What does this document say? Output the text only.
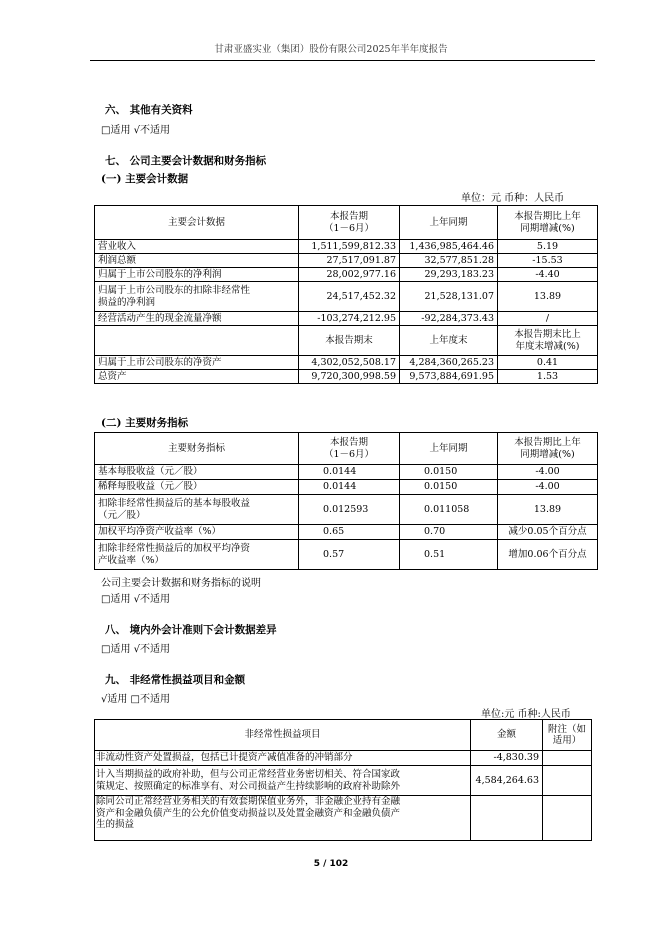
甘肃亚盛实业（集团）股份有限公司2025年半年度报告
六、 其他有关资料
□适用 √不适用
七、 公司主要会计数据和财务指标
(一) 主要会计数据
单位：元 币种：人民币
主要会计数据	本报告期
（1－6月）	上年同期	本报告期比上年
同期增减(%)
营业收入	1,511,599,812.33	1,436,985,464.46	5.19
利润总额	27,517,091.87	32,577,851.28	-15.53
归属于上市公司股东的净利润	28,002,977.16	29,293,183.23	-4.40
归属于上市公司股东的扣除非经常性
损益的净利润	24,517,452.32	21,528,131.07	13.89
经营活动产生的现金流量净额	-103,274,212.95	-92,284,373.43	/
	本报告期末	上年度末	本报告期末比上
年度末增减(%)
归属于上市公司股东的净资产	4,302,052,508.17	4,284,360,265.23	0.41
总资产	9,720,300,998.59	9,573,884,691.95	1.53
(二) 主要财务指标
主要财务指标	本报告期
（1－6月）	上年同期	本报告期比上年
同期增减(%)
基本每股收益（元／股）	0.0144	0.0150	-4.00
稀释每股收益（元／股）	0.0144	0.0150	-4.00
扣除非经常性损益后的基本每股收益
（元／股）	0.012593	0.011058	13.89
加权平均净资产收益率（%）	0.65	0.70	减少0.05个百分点
扣除非经常性损益后的加权平均净资
产收益率（%）	0.57	0.51	增加0.06个百分点
公司主要会计数据和财务指标的说明
□适用 √不适用
八、 境内外会计准则下会计数据差异
□适用 √不适用
九、 非经常性损益项目和金额
√适用 □不适用
单位:元 币种:人民币
非经常性损益项目	金额	附注（如
适用）
非流动性资产处置损益，包括已计提资产减值准备的冲销部分	-4,830.39	
计入当期损益的政府补助，但与公司正常经营业务密切相关、符合国家政
策规定、按照确定的标准享有、对公司损益产生持续影响的政府补助除外	4,584,264.63	
除同公司正常经营业务相关的有效套期保值业务外，非金融企业持有金融
资产和金融负债产生的公允价值变动损益以及处置金融资产和金融负债产
生的损益		
5 / 102
